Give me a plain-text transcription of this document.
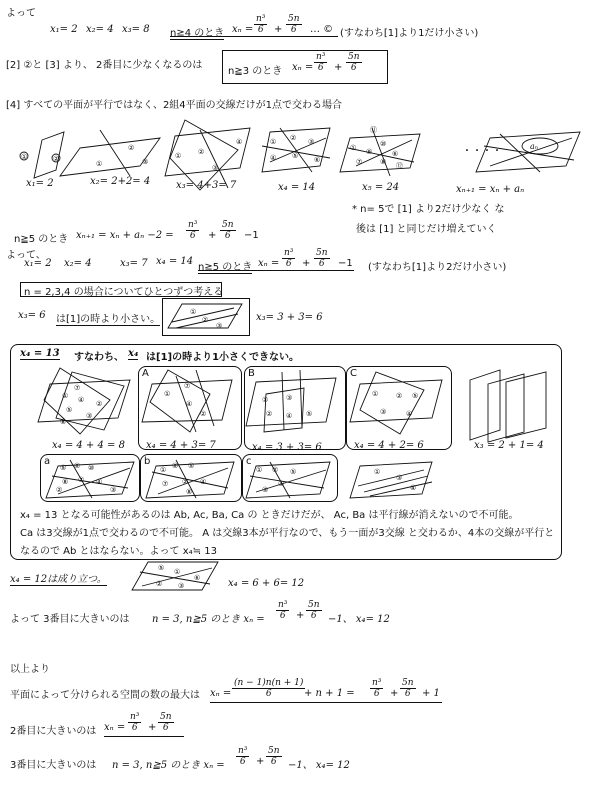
よって
x₁= 2 x₂= 4 x₃= 8 n≧4 のとき $x_n = \frac{\text{n³}}{6} + \frac{5n}{6}$ … © (すなわち[1]より1だけ小さい)
[2] ②と [3] より、 2番目に少なくなるのは
n≧3 のとき $x_n = \frac{\text{n³}}{6} + \frac{5n}{6}$
[4] すべての平面が平行ではなく、2組4平面の交線だけが1点で交わる場合
①	②
①
②
③
① ②
③
④	① ② ③
④ ⑤ ⑥
⑪
① ⑨
⑩
⑥
⑦	⑧ ⑫
・・・・
x₁= 2	x₂= 2+2= 4	x₃= 4+3= 7	x₄ = 14	x₅ = 24	xₙ₊₁ = xₙ + aₙ
aₙ
* n= 5で [1] より2だけ少なく な
後は [1] と同じだけ増えていく
n≧5 のとき $x_{n+1} = x_n + a_n -2 = \frac{\text{n³}}{6} + \frac{5n}{6} -1$
よって、
x₁= 2 x₂= 4	x₃= 7 x₄ = 14
n≧5 のとき $x_n = \frac{\text{n³}}{6} + \frac{5n}{6} -1$ (すなわち[1]より2だけ小さい)
n = 2,3,4 の場合についてひとつずつ考える
x₃= 6 は[1]の時より小さい。
①
②
③
x₃= 3 + 3= 6
x₄ = 13 すなわち、 x₄ は[1]の時より1小さくできない。
A	B	C
a	b	c
①
⑦
④
⑤
②
③
⑧
①
⑦
④
②
①	③
② ④ ⑤
①	②
③	④
⑤
⑤ ⑥ ⑩
⑧ ⑦ ④
②	③
① ⑥ ⑤
⑦ ② ④
⑧
① ② ⑤
④
③
①
③
④
x₄ = 4 + 4 = 8 x₄ = 4 + 3= 7	x₄ = 3 + 3= 6	x₄ = 4 + 2= 6	x₃ = 2 + 1= 4
x₄ = 13 となる可能性があるのは Ab, Ac, Ba, Ca の ときだけだが、 Ac, Ba は平行線が消えないので不可能。
Ca は3交線が1点で交わるので不可能。 A は交線3本が平行なので、もう一面が3交線 と交わるか、4本の交線が平行と
なるので Ab とはならない。よって x₄≒ 13
x₄ = 12は成り立つ。
⑤ ①
② ③
⑥	x₄ = 6 + 6= 12
よって 3番目に大きいのは n = 3, n≧5 のとき $x_n = \frac{\text{n³}}{6} + \frac{5n}{6} -1$、 x₄= 12
以上より
平面によって分けられる空間の数の最大は $x_n = \frac{(n - 1)n(n + 1)}{6}$
+ $n + 1 = \frac{\text{n³}}{6} + \frac{5n}{6} + 1$
2番目に大きいのは $x_n = \frac{\text{n³}}{6} + \frac{5n}{6}$
3番目に大きいのは n = 3, n≧5 のとき $x_n = \frac{\text{n³}}{6} + \frac{5n}{6} -1$、 x₄= 12
